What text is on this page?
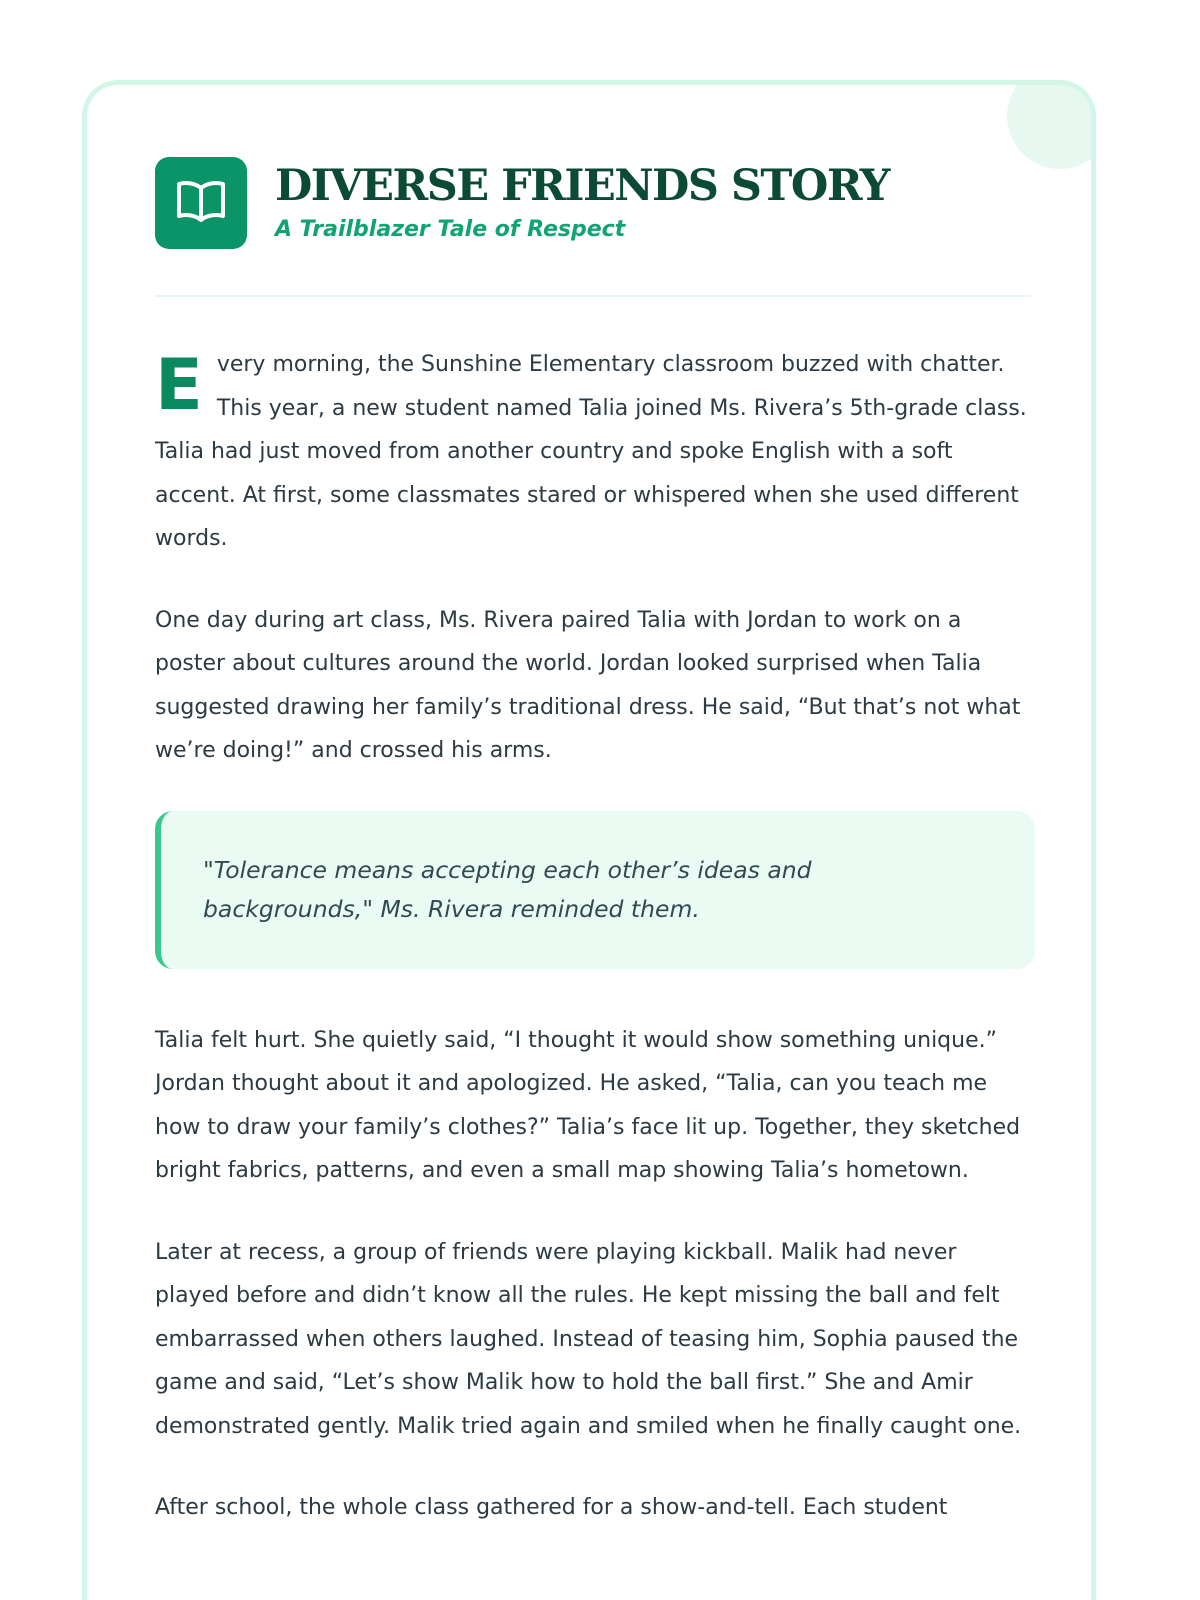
DIVERSE FRIENDS STORY
A Trailblazer Tale of Respect

Every morning, the Sunshine Elementary classroom buzzed with chatter. This year, a new student named Talia joined Ms. Rivera’s 5th-grade class. Talia had just moved from another country and spoke English with a soft accent. At first, some classmates stared or whispered when she used different words.

One day during art class, Ms. Rivera paired Talia with Jordan to work on a poster about cultures around the world. Jordan looked surprised when Talia suggested drawing her family’s traditional dress. He said, “But that’s not what we’re doing!” and crossed his arms.

"Tolerance means accepting each other’s ideas and backgrounds," Ms. Rivera reminded them.

Talia felt hurt. She quietly said, “I thought it would show something unique.” Jordan thought about it and apologized. He asked, “Talia, can you teach me how to draw your family’s clothes?” Talia’s face lit up. Together, they sketched bright fabrics, patterns, and even a small map showing Talia’s hometown.

Later at recess, a group of friends were playing kickball. Malik had never played before and didn’t know all the rules. He kept missing the ball and felt embarrassed when others laughed. Instead of teasing him, Sophia paused the game and said, “Let’s show Malik how to hold the ball first.” She and Amir demonstrated gently. Malik tried again and smiled when he finally caught one.

After school, the whole class gathered for a show-and-tell. Each student
